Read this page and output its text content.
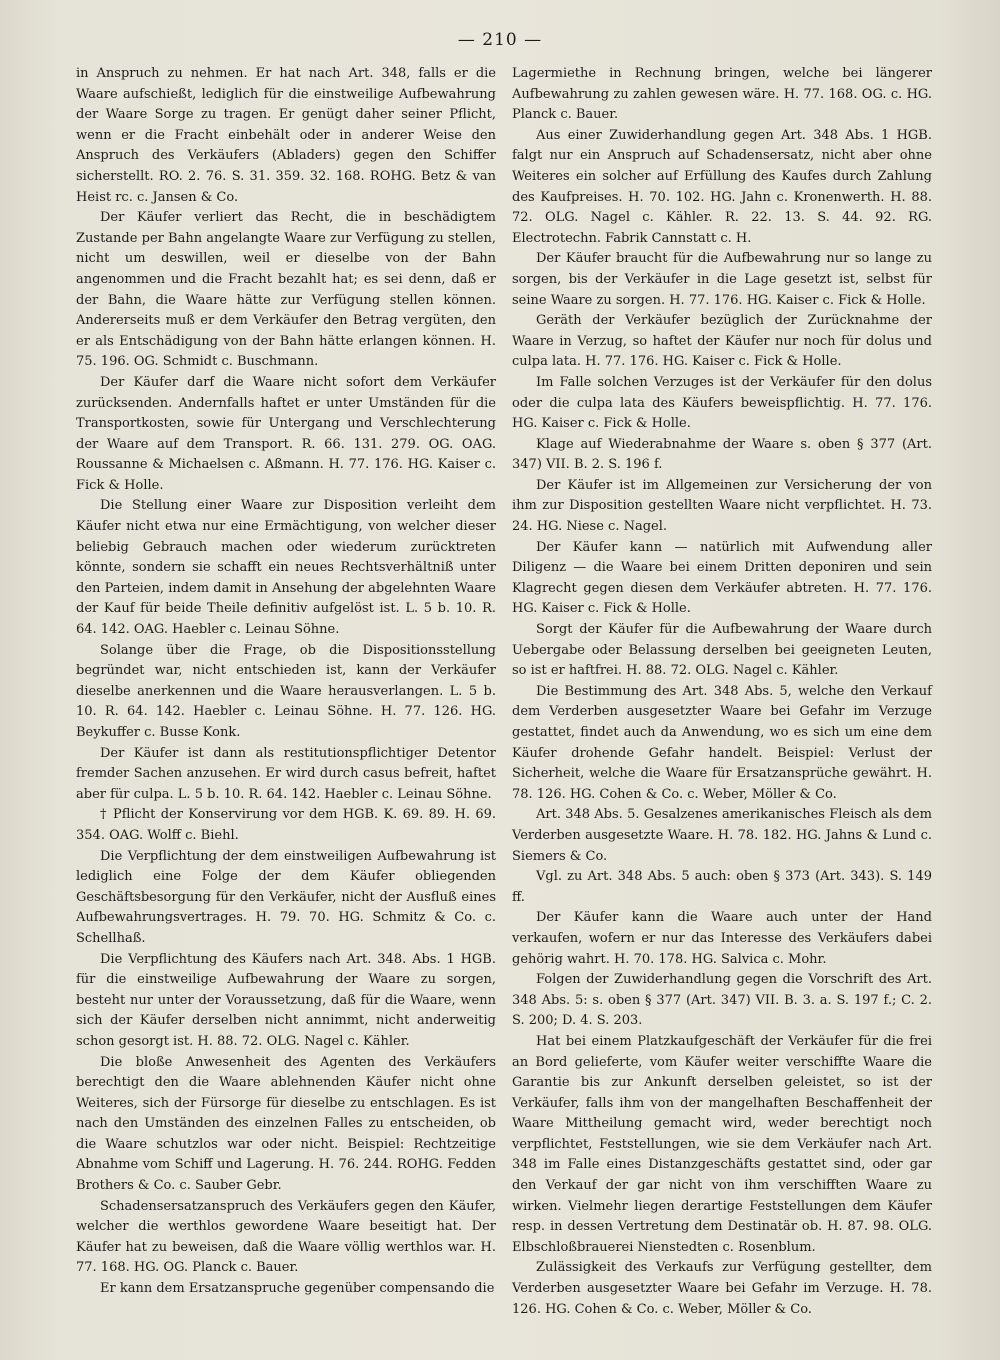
— 210 —

in Anspruch zu nehmen. Er hat nach Art. 348, falls er die Waare aufschießt, lediglich für die einstweilige Aufbewahrung der Waare Sorge zu tragen. Er genügt daher seiner Pflicht, wenn er die Fracht einbehält oder in anderer Weise den Anspruch des Verkäufers (Abladers) gegen den Schiffer sicherstellt. RO. 2. 76. S. 31. 359. 32. 168. ROHG. Betz & van Heist rc. c. Jansen & Co.

Der Käufer verliert das Recht, die in beschädigtem Zustande per Bahn angelangte Waare zur Verfügung zu stellen, nicht um deswillen, weil er dieselbe von der Bahn angenommen und die Fracht bezahlt hat; es sei denn, daß er der Bahn, die Waare hätte zur Verfügung stellen können. Andererseits muß er dem Verkäufer den Betrag vergüten, den er als Entschädigung von der Bahn hätte erlangen können. H. 75. 196. OG. Schmidt c. Buschmann.

Der Käufer darf die Waare nicht sofort dem Verkäufer zurücksenden. Andernfalls haftet er unter Umständen für die Transportkosten, sowie für Untergang und Verschlechterung der Waare auf dem Transport. R. 66. 131. 279. OG. OAG. Roussanne & Michaelsen c. Aßmann. H. 77. 176. HG. Kaiser c. Fick & Holle.

Die Stellung einer Waare zur Disposition verleiht dem Käufer nicht etwa nur eine Ermächtigung, von welcher dieser beliebig Gebrauch machen oder wiederum zurücktreten könnte, sondern sie schafft ein neues Rechtsverhältniß unter den Parteien, indem damit in Ansehung der abgelehnten Waare der Kauf für beide Theile definitiv aufgelöst ist. L. 5 b. 10. R. 64. 142. OAG. Haebler c. Leinau Söhne.

Solange über die Frage, ob die Dispositionsstellung begründet war, nicht entschieden ist, kann der Verkäufer dieselbe anerkennen und die Waare herausverlangen. L. 5 b. 10. R. 64. 142. Haebler c. Leinau Söhne. H. 77. 126. HG. Beykuffer c. Busse Konk.

Der Käufer ist dann als restitutionspflichtiger Detentor fremder Sachen anzusehen. Er wird durch casus befreit, haftet aber für culpa. L. 5 b. 10. R. 64. 142. Haebler c. Leinau Söhne.

† Pflicht der Konservirung vor dem HGB. K. 69. 89. H. 69. 354. OAG. Wolff c. Biehl.

Die Verpflichtung der dem einstweiligen Aufbewahrung ist lediglich eine Folge der dem Käufer obliegenden Geschäftsbesorgung für den Verkäufer, nicht der Ausfluß eines Aufbewahrungsvertrages. H. 79. 70. HG. Schmitz & Co. c. Schellhaß.

Die Verpflichtung des Käufers nach Art. 348. Abs. 1 HGB. für die einstweilige Aufbewahrung der Waare zu sorgen, besteht nur unter der Voraussetzung, daß für die Waare, wenn sich der Käufer derselben nicht annimmt, nicht anderweitig schon gesorgt ist. H. 88. 72. OLG. Nagel c. Kähler.

Die bloße Anwesenheit des Agenten des Verkäufers berechtigt den die Waare ablehnenden Käufer nicht ohne Weiteres, sich der Fürsorge für dieselbe zu entschlagen. Es ist nach den Umständen des einzelnen Falles zu entscheiden, ob die Waare schutzlos war oder nicht. Beispiel: Rechtzeitige Abnahme vom Schiff und Lagerung. H. 76. 244. ROHG. Fedden Brothers & Co. c. Sauber Gebr.

Schadensersatzanspruch des Verkäufers gegen den Käufer, welcher die werthlos gewordene Waare beseitigt hat. Der Käufer hat zu beweisen, daß die Waare völlig werthlos war. H. 77. 168. HG. OG. Planck c. Bauer.

Er kann dem Ersatzanspruche gegenüber compensando die

Lagermiethe in Rechnung bringen, welche bei längerer Aufbewahrung zu zahlen gewesen wäre. H. 77. 168. OG. c. HG. Planck c. Bauer.

Aus einer Zuwiderhandlung gegen Art. 348 Abs. 1 HGB. falgt nur ein Anspruch auf Schadensersatz, nicht aber ohne Weiteres ein solcher auf Erfüllung des Kaufes durch Zahlung des Kaufpreises. H. 70. 102. HG. Jahn c. Kronenwerth. H. 88. 72. OLG. Nagel c. Kähler. R. 22. 13. S. 44. 92. RG. Electrotechn. Fabrik Cannstatt c. H.

Der Käufer braucht für die Aufbewahrung nur so lange zu sorgen, bis der Verkäufer in die Lage gesetzt ist, selbst für seine Waare zu sorgen. H. 77. 176. HG. Kaiser c. Fick & Holle.

Geräth der Verkäufer bezüglich der Zurücknahme der Waare in Verzug, so haftet der Käufer nur noch für dolus und culpa lata. H. 77. 176. HG. Kaiser c. Fick & Holle.

Im Falle solchen Verzuges ist der Verkäufer für den dolus oder die culpa lata des Käufers beweispflichtig. H. 77. 176. HG. Kaiser c. Fick & Holle.

Klage auf Wiederabnahme der Waare s. oben § 377 (Art. 347) VII. B. 2. S. 196 f.

Der Käufer ist im Allgemeinen zur Versicherung der von ihm zur Disposition gestellten Waare nicht verpflichtet. H. 73. 24. HG. Niese c. Nagel.

Der Käufer kann — natürlich mit Aufwendung aller Diligenz — die Waare bei einem Dritten deponiren und sein Klagrecht gegen diesen dem Verkäufer abtreten. H. 77. 176. HG. Kaiser c. Fick & Holle.

Sorgt der Käufer für die Aufbewahrung der Waare durch Uebergabe oder Belassung derselben bei geeigneten Leuten, so ist er haftfrei. H. 88. 72. OLG. Nagel c. Kähler.

Die Bestimmung des Art. 348 Abs. 5, welche den Verkauf dem Verderben ausgesetzter Waare bei Gefahr im Verzuge gestattet, findet auch da Anwendung, wo es sich um eine dem Käufer drohende Gefahr handelt. Beispiel: Verlust der Sicherheit, welche die Waare für Ersatzansprüche gewährt. H. 78. 126. HG. Cohen & Co. c. Weber, Möller & Co.

Art. 348 Abs. 5. Gesalzenes amerikanisches Fleisch als dem Verderben ausgesetzte Waare. H. 78. 182. HG. Jahns & Lund c. Siemers & Co.

Vgl. zu Art. 348 Abs. 5 auch: oben § 373 (Art. 343). S. 149 ff.

Der Käufer kann die Waare auch unter der Hand verkaufen, wofern er nur das Interesse des Verkäufers dabei gehörig wahrt. H. 70. 178. HG. Salvica c. Mohr.

Folgen der Zuwiderhandlung gegen die Vorschrift des Art. 348 Abs. 5: s. oben § 377 (Art. 347) VII. B. 3. a. S. 197 f.; C. 2. S. 200; D. 4. S. 203.

Hat bei einem Platzkaufgeschäft der Verkäufer für die frei an Bord gelieferte, vom Käufer weiter verschiffte Waare die Garantie bis zur Ankunft derselben geleistet, so ist der Verkäufer, falls ihm von der mangelhaften Beschaffenheit der Waare Mittheilung gemacht wird, weder berechtigt noch verpflichtet, Feststellungen, wie sie dem Verkäufer nach Art. 348 im Falle eines Distanzgeschäfts gestattet sind, oder gar den Verkauf der gar nicht von ihm verschifften Waare zu wirken. Vielmehr liegen derartige Feststellungen dem Käufer resp. in dessen Vertretung dem Destinatär ob. H. 87. 98. OLG. Elbschloßbrauerei Nienstedten c. Rosenblum.

Zulässigkeit des Verkaufs zur Verfügung gestellter, dem Verderben ausgesetzter Waare bei Gefahr im Verzuge. H. 78. 126. HG. Cohen & Co. c. Weber, Möller & Co.
